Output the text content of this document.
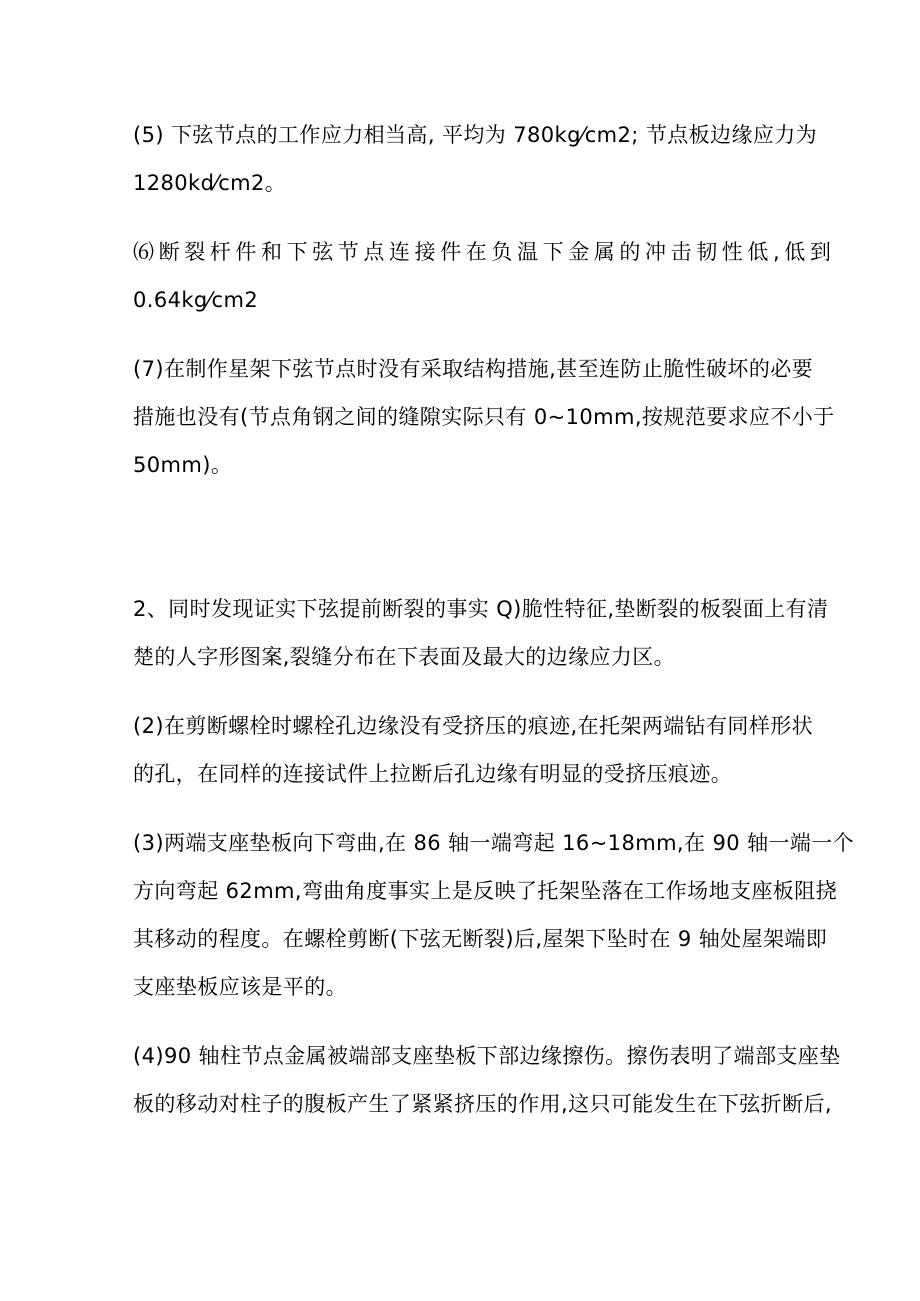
(5) 下弦节点的工作应力相当高, 平均为 780kg⁄cm2; 节点板边缘应力为
1280kd⁄cm2。
⑹断裂杆件和下弦节点连接件在负温下金属的冲击韧性低,低到
0.64kg⁄cm2
(7)在制作星架下弦节点时没有采取结构措施,甚至连防止脆性破坏的必要
措施也没有(节点角钢之间的缝隙实际只有 0~10mm,按规范要求应不小于
50mm)。
2、同时发现证实下弦提前断裂的事实 Q)脆性特征,垫断裂的板裂面上有清
楚的人字形图案,裂缝分布在下表面及最大的边缘应力区。
(2)在剪断螺栓时螺栓孔边缘没有受挤压的痕迹,在托架两端钻有同样形状
的孔，在同样的连接试件上拉断后孔边缘有明显的受挤压痕迹。
(3)两端支座垫板向下弯曲,在 86 轴一端弯起 16~18mm,在 90 轴一端一个
方向弯起 62mm,弯曲角度事实上是反映了托架坠落在工作场地支座板阻挠
其移动的程度。在螺栓剪断(下弦无断裂)后,屋架下坠时在 9 轴处屋架端即
支座垫板应该是平的。
(4)90 轴柱节点金属被端部支座垫板下部边缘擦伤。擦伤表明了端部支座垫
板的移动对柱子的腹板产生了紧紧挤压的作用,这只可能发生在下弦折断后,
